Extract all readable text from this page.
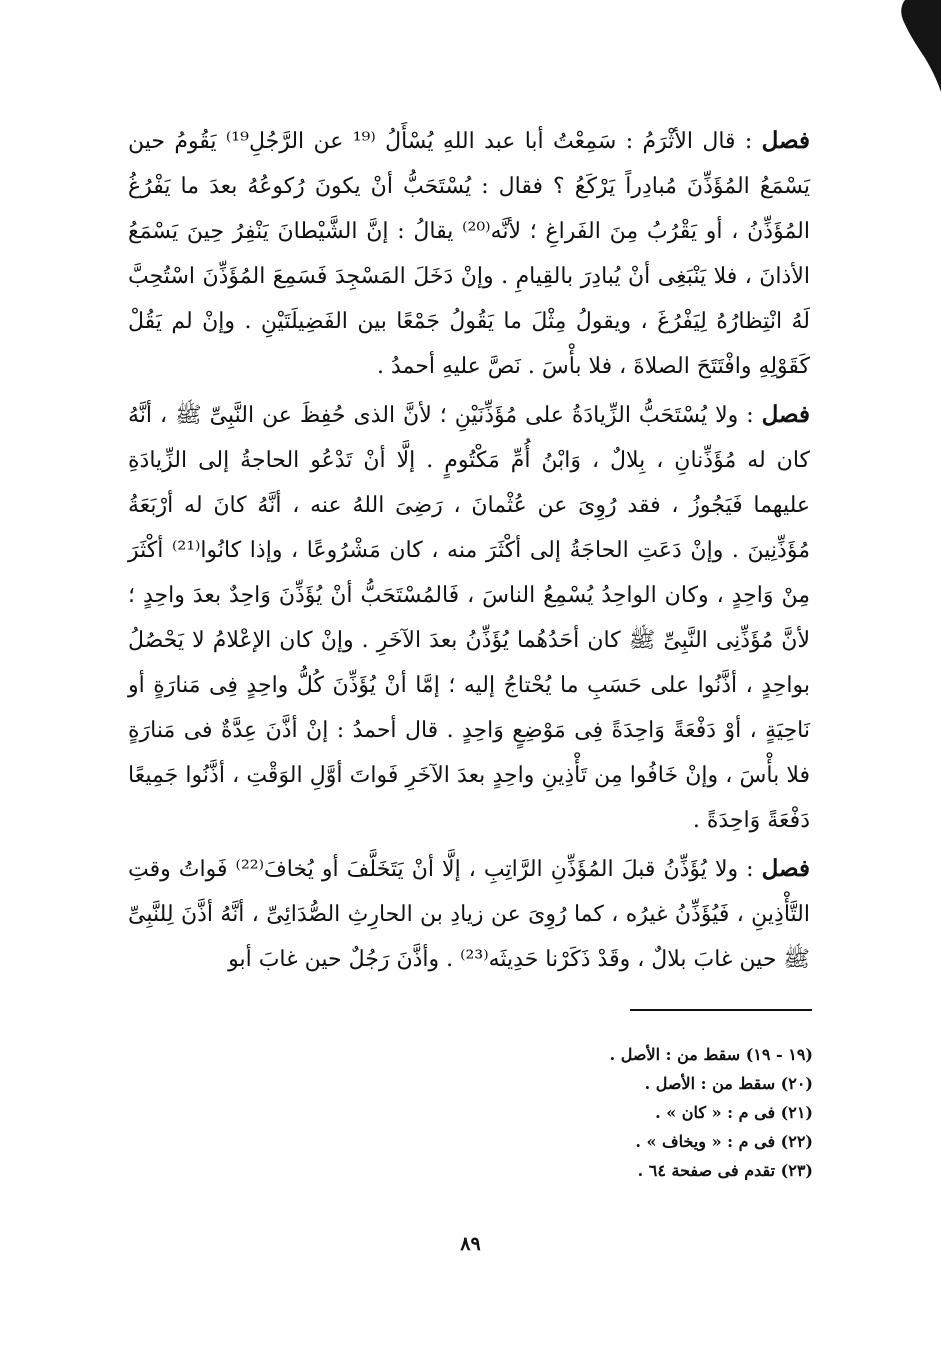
فصل : قال الأثْرَمُ : سَمِعْتُ أبا عبد اللهِ يُسْأَلُ ⁽¹⁹ عن الرَّجُلِ¹⁹⁾ يَقُومُ حين يَسْمَعُ المُؤَذِّنَ مُبادِراً يَرْكَعُ ؟ فقال : يُسْتَحَبُّ أنْ يكونَ رُكوعُهُ بعدَ ما يَفْرُغُ المُؤَذِّنُ ، أو يَقْرُبُ مِنَ الفَراغِ ؛ لأنَّه⁽²⁰⁾ يقالُ : إنَّ الشَّيْطانَ يَنْفِرُ حِينَ يَسْمَعُ الأذانَ ، فلا يَنْبَغِى أنْ يُبادِرَ بالقِيامِ . وإنْ دَخَلَ المَسْجِدَ فَسَمِعَ المُؤَذِّنَ اسْتُحِبَّ لَهُ انْتِظارُهُ لِيَفْرُغَ ، ويقولُ مِثْلَ ما يَقُولُ جَمْعًا بين الفَضِيلَتَيْنِ . وإنْ لم يَقُلْ كَقَوْلِهِ وافْتَتَحَ الصلاةَ ، فلا بأْسَ . نَصَّ عليهِ أحمدُ .

فصل : ولا يُسْتَحَبُّ الزِّيادَةُ على مُؤَذِّنَيْنِ ؛ لأنَّ الذى حُفِظَ عن النَّبِىِّ ﷺ ، أنَّهُ كان له مُؤَذِّنانِ ، بِلالٌ ، وَابْنُ أُمِّ مَكْتُومٍ . إلَّا أنْ تَدْعُو الحاجةُ إلى الزِّيادَةِ عليهما فَيَجُوزُ ، فقد رُوِىَ عن عُثْمانَ ، رَضِىَ اللهُ عنه ، أنَّهُ كانَ له أرْبَعَةُ مُؤَذِّنِينَ . وإنْ دَعَتِ الحاجَةُ إلى أكْثَرَ منه ، كان مَشْرُوعًا ، وإذا كانُوا⁽²¹⁾ أكْثَرَ مِنْ وَاحِدٍ ، وكان الواحِدُ يُسْمِعُ الناسَ ، فَالمُسْتَحَبُّ أنْ يُؤَذِّنَ وَاحِدٌ بعدَ واحِدٍ ؛ لأنَّ مُؤَذِّنِى النَّبِىِّ ﷺ كان أحَدُهُما يُؤَذِّنُ بعدَ الآخَرِ . وإنْ كان الإعْلامُ لا يَحْصُلُ بواحِدٍ ، أذَّنُوا على حَسَبِ ما يُحْتاجُ إليه ؛ إمَّا أنْ يُؤَذِّنَ كُلُّ واحِدٍ فِى مَنارَةٍ أو نَاحِيَةٍ ، أوْ دَفْعَةً وَاحِدَةً فِى مَوْضِعٍ وَاحِدٍ . قال أحمدُ : إنْ أذَّنَ عِدَّةٌ فى مَنارَةٍ فلا بأْسَ ، وإنْ خَافُوا مِن تَأْذِينِ واحِدٍ بعدَ الآخَرِ فَواتَ أوَّلِ الوَقْتِ ، أذَّنُوا جَمِيعًا دَفْعَةً وَاحِدَةً .

فصل : ولا يُؤَذِّنُ قبلَ المُؤَذِّنِ الرَّاتِبِ ، إلَّا أنْ يَتَخَلَّفَ أو يُخافَ⁽²²⁾ فَواتُ وقتِ التَّأْذِينِ ، فَيُؤَذِّنُ غيرُه ، كما رُوِىَ عن زيادِ بن الحارِثِ الصُّدَائِىِّ ، أنَّهُ أذَّنَ لِلنَّبِىِّ ﷺ حين غابَ بلالٌ ، وقَدْ ذَكَرْنا حَدِيثَه⁽²³⁾ . وأذَّنَ رَجُلٌ حين غابَ أبو

(١٩ - ١٩) سقط من : الأصل .
(٢٠) سقط من : الأصل .
(٢١) فى م : « كان » .
(٢٢) فى م : « ويخاف » .
(٢٣) تقدم فى صفحة ٦٤ .
٨٩
